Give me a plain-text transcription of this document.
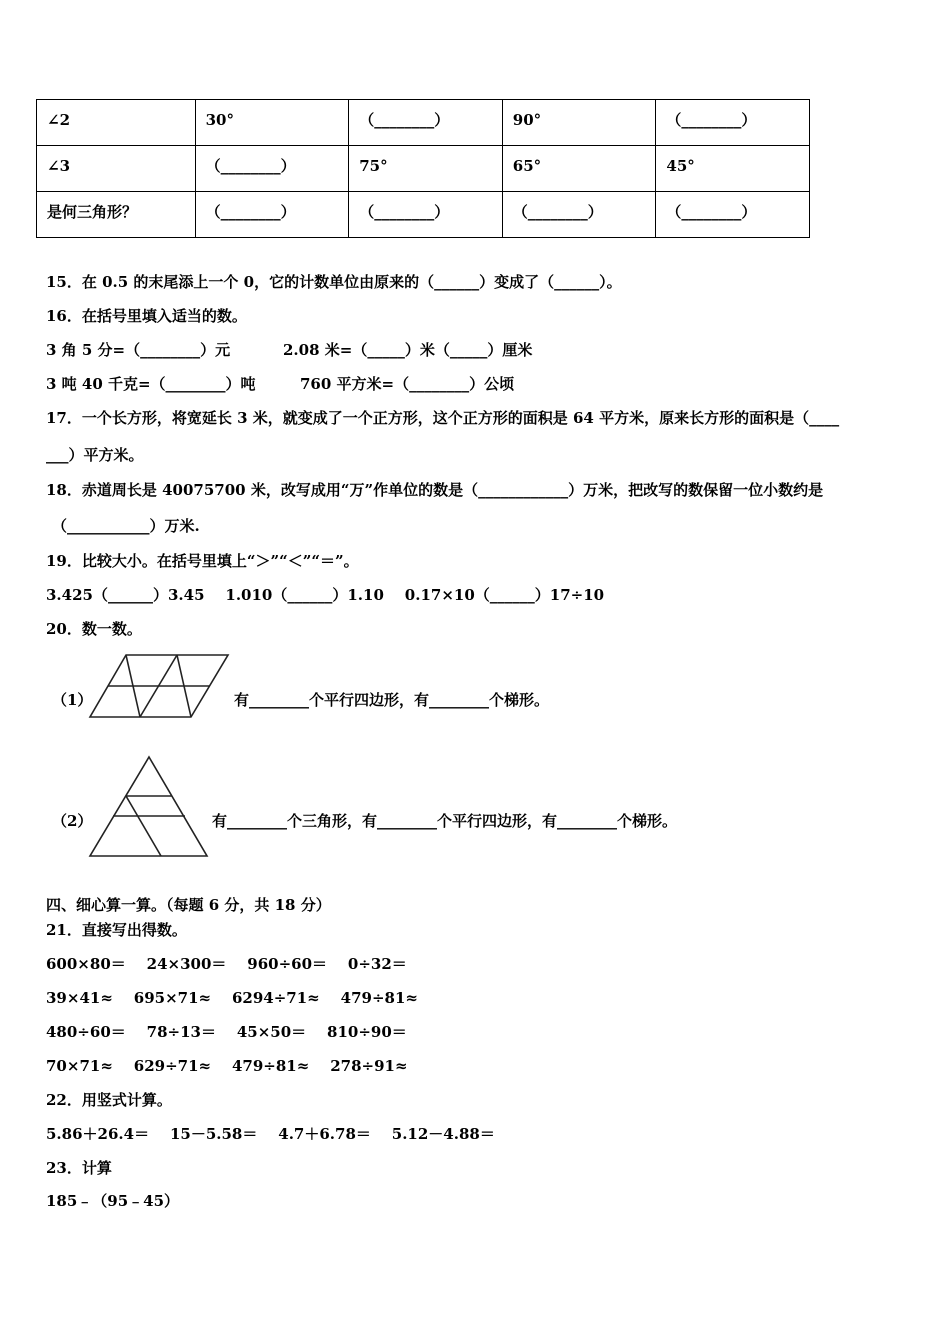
∠2	30°	（________）	90°	（________）
∠3	（________）	75°	65°	45°
是何三角形？	（________）	（________）	（________）	（________）
15．在 0.5 的末尾添上一个 0，它的计数单位由原来的（______）变成了（______）。
16．在括号里填入适当的数。
3 角 5 分=（________）元	2.08 米=（_____）米（_____）厘米
3 吨 40 千克=（________）吨	760 平方米=（________）公顷
17．一个长方形，将宽延长 3 米，就变成了一个正方形，这个正方形的面积是 64 平方米，原来长方形的面积是（____
___）平方米。
18．赤道周长是 40075700 米，改写成用“万”作单位的数是（____________）万米，把改写的数保留一位小数约是
（___________）万米.
19．比较大小。在括号里填上“＞”“＜”“＝”。
3.425（______）3.45    1.010（______）1.10    0.17×10（______）17÷10
20．数一数。
（1）	有________个平行四边形，有________个梯形。
（2）	有________个三角形，有________个平行四边形，有________个梯形。
四、细心算一算。（每题 6 分，共 18 分）
21．直接写出得数。
600×80＝    24×300＝    960÷60＝    0÷32＝
39×41≈    695×71≈    6294÷71≈    479÷81≈
480÷60＝    78÷13＝    45×50＝    810÷90＝
70×71≈    629÷71≈    479÷81≈    278÷91≈
22．用竖式计算。
5.86＋26.4＝    15－5.58＝    4.7＋6.78＝    5.12－4.88＝
23．计算
185﹣（95﹣45）
